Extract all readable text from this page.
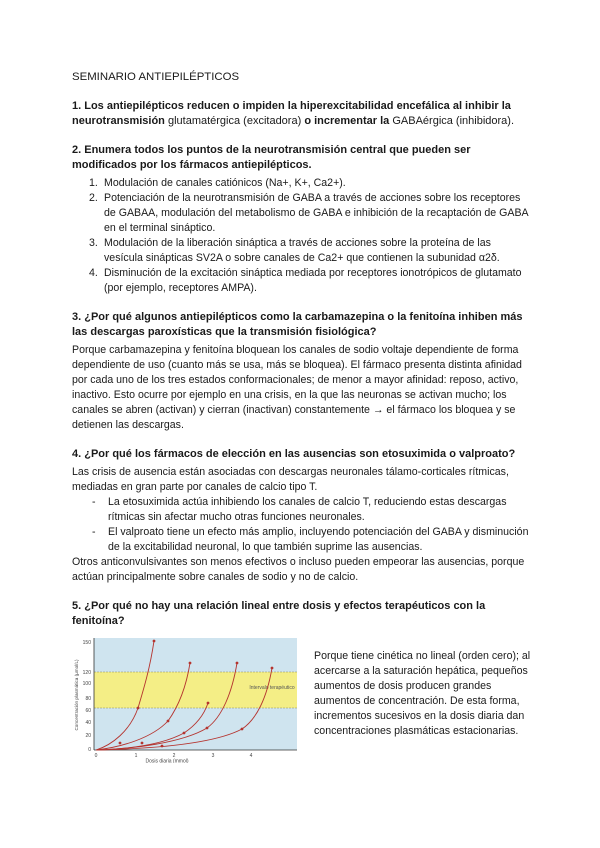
SEMINARIO ANTIEPILÉPTICOS

1. Los antiepilépticos reducen o impiden la hiperexcitabilidad encefálica al inhibir la neurotransmisión glutamatérgica (excitadora) o incrementar la GABAérgica (inhibidora).

2. Enumera todos los puntos de la neurotransmisión central que pueden ser modificados por los fármacos antiepilépticos.

1. Modulación de canales catiónicos (Na+, K+, Ca2+).
2. Potenciación de la neurotransmisión de GABA a través de acciones sobre los receptores de GABAA, modulación del metabolismo de GABA e inhibición de la recaptación de GABA en el terminal sináptico.
3. Modulación de la liberación sináptica a través de acciones sobre la proteína de las vesícula sinápticas SV2A o sobre canales de Ca2+ que contienen la subunidad α2δ.
4. Disminución de la excitación sináptica mediada por receptores ionotrópicos de glutamato (por ejemplo, receptores AMPA).

3. ¿Por qué algunos antiepilépticos como la carbamazepina o la fenitoína inhiben más las descargas paroxísticas que la transmisión fisiológica?

Porque carbamazepina y fenitoína bloquean los canales de sodio voltaje dependiente de forma dependiente de uso (cuanto más se usa, más se bloquea). El fármaco presenta distinta afinidad por cada uno de los tres estados conformacionales; de menor a mayor afinidad: reposo, activo, inactivo. Esto ocurre por ejemplo en una crisis, en la que las neuronas se activan mucho; los canales se abren (activan) y cierran (inactivan) constantemente → el fármaco los bloquea y se detienen las descargas.

4. ¿Por qué los fármacos de elección en las ausencias son etosuximida o valproato?

Las crisis de ausencia están asociadas con descargas neuronales tálamo-corticales rítmicas, mediadas en gran parte por canales de calcio tipo T.

- La etosuximida actúa inhibiendo los canales de calcio T, reduciendo estas descargas rítmicas sin afectar mucho otras funciones neuronales.
- El valproato tiene un efecto más amplio, incluyendo potenciación del GABA y disminución de la excitabilidad neuronal, lo que también suprime las ausencias.

Otros anticonvulsivantes son menos efectivos o incluso pueden empeorar las ausencias, porque actúan principalmente sobre canales de sodio y no de calcio.

5. ¿Por qué no hay una relación lineal entre dosis y efectos terapéuticos con la fenitoína?

Intervalo terapéutico
150
120
100
80
60
40
20
0
0	1	2	3	4
Dosis diaria (mmol)
Concentración plasmática (µmol/L)

Porque tiene cinética no lineal (orden cero); al acercarse a la saturación hepática, pequeños aumentos de dosis producen grandes aumentos de concentración. De esta forma, incrementos sucesivos en la dosis diaria dan concentraciones plasmáticas estacionarias.
